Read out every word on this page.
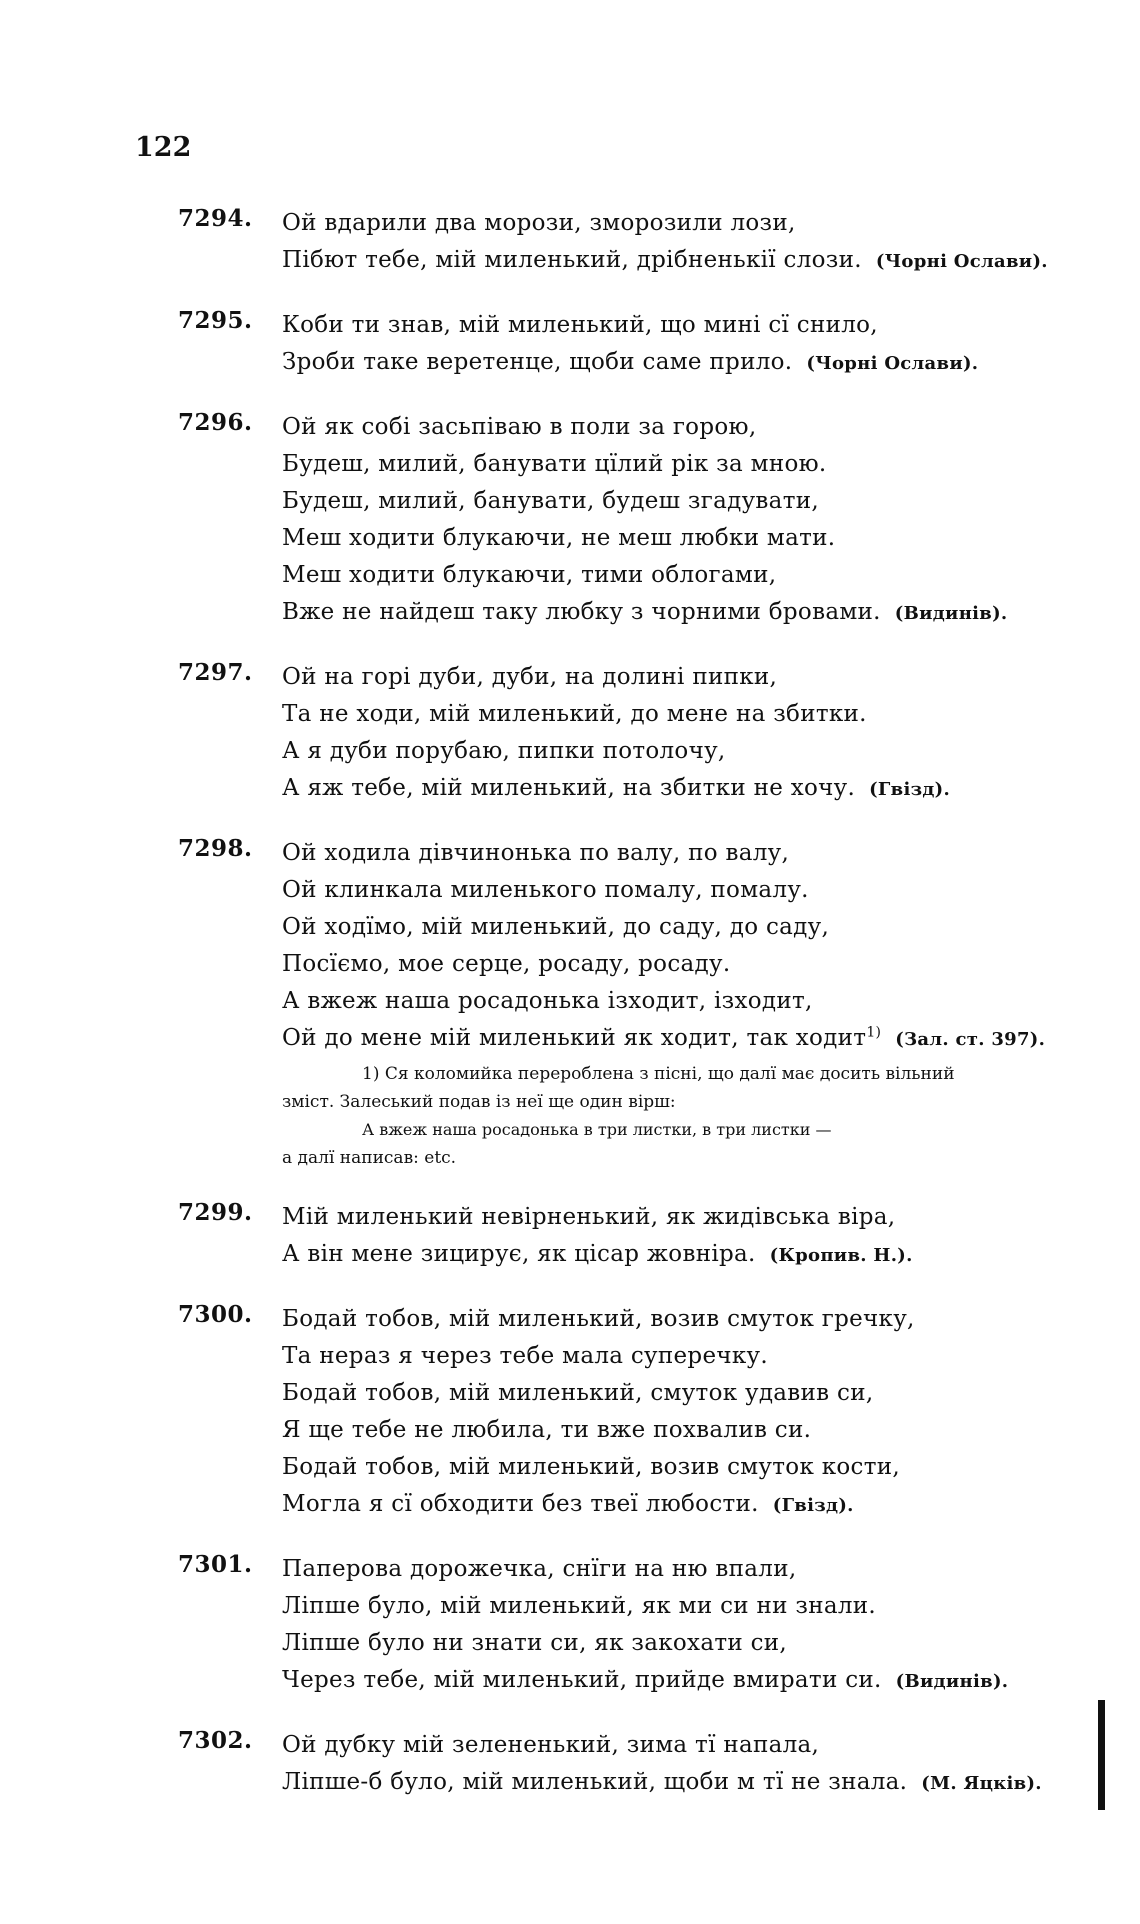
122
7294. Ой вдарили два морози, зморозили лози,
Пібют тебе, мій миленький, дрібненькії слози. (Чорні Ослави).
7295. Коби ти знав, мій миленький, що мині сї снило,
Зроби таке веретенце, щоби саме прило. (Чорні Ослави).
7296. Ой як собі засьпіваю в поли за горою,
Будеш, милий, банувати цїлий рік за мною.
Будеш, милий, банувати, будеш згадувати,
Меш ходити блукаючи, не меш любки мати.
Меш ходити блукаючи, тими облогами,
Вже не найдеш таку любку з чорними бровами. (Видинів).
7297. Ой на горі дуби, дуби, на долині пипки,
Та не ходи, мій миленький, до мене на збитки.
А я дуби порубаю, пипки потолочу,
А яж тебе, мій миленький, на збитки не хочу. (Гвізд).
7298. Ой ходила дівчинонька по валу, по валу,
Ой клинкала миленького помалу, помалу.
Ой ходїмо, мій миленький, до саду, до саду,
Посїємо, мое серце, росаду, росаду.
А вжеж наша росадонька ізходит, ізходит,
Ой до мене мій миленький як ходит, так ходит$^{1)}$ (Зал. ст. 397).
1) Ся коломийка перероблена з пісні, що далї має досить вільний
зміст. Залеський подав із неї ще один вірш:
А вжеж наша росадонька в три листки, в три листки —
а далї написав: etc.
7299. Мій миленький невірненький, як жидівська віра,
А він мене зицирує, як цісар жовніра. (Кропив. Н.).
7300. Бодай тобов, мій миленький, возив смуток гречку,
Та нераз я через тебе мала суперечку.
Бодай тобов, мій миленький, смуток удавив си,
Я ще тебе не любила, ти вже похвалив си.
Бодай тобов, мій миленький, возив смуток кости,
Могла я сї обходити без твеї любости. (Гвізд).
7301. Паперова дорожечка, снїги на ню впали,
Ліпше було, мій миленький, як ми си ни знали.
Ліпше було ни знати си, як закохати си,
Через тебе, мій миленький, прийде вмирати си. (Видинів).
7302. Ой дубку мій зелененький, зима тї напала,
Ліпше-б було, мій миленький, щоби м тї не знала. (М. Яцків).
